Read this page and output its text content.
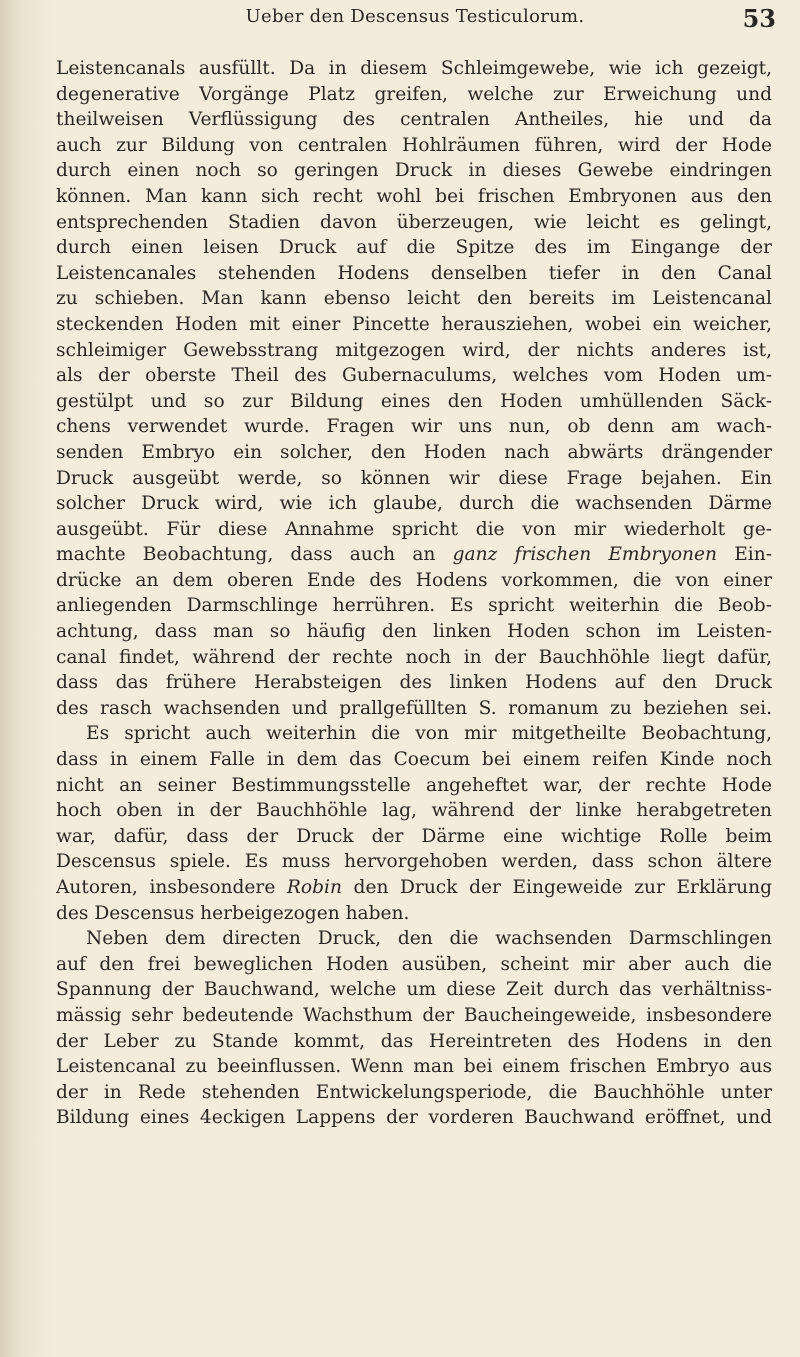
Ueber den Descensus Testiculorum.	53
Leistencanals ausfüllt. Da in diesem Schleimgewebe, wie ich gezeigt,
degenerative Vorgänge Platz greifen, welche zur Erweichung und
theilweisen Verflüssigung des centralen Antheiles, hie und da
auch zur Bildung von centralen Hohlräumen führen, wird der Hode
durch einen noch so geringen Druck in dieses Gewebe eindringen
können. Man kann sich recht wohl bei frischen Embryonen aus den
entsprechenden Stadien davon überzeugen, wie leicht es gelingt,
durch einen leisen Druck auf die Spitze des im Eingange der
Leistencanales stehenden Hodens denselben tiefer in den Canal
zu schieben. Man kann ebenso leicht den bereits im Leistencanal
steckenden Hoden mit einer Pincette herausziehen, wobei ein weicher,
schleimiger Gewebsstrang mitgezogen wird, der nichts anderes ist,
als der oberste Theil des Gubernaculums, welches vom Hoden um-
gestülpt und so zur Bildung eines den Hoden umhüllenden Säck-
chens verwendet wurde. Fragen wir uns nun, ob denn am wach-
senden Embryo ein solcher, den Hoden nach abwärts drängender
Druck ausgeübt werde, so können wir diese Frage bejahen. Ein
solcher Druck wird, wie ich glaube, durch die wachsenden Därme
ausgeübt. Für diese Annahme spricht die von mir wiederholt ge-
machte Beobachtung, dass auch an ganz frischen Embryonen Ein-
drücke an dem oberen Ende des Hodens vorkommen, die von einer
anliegenden Darmschlinge herrühren. Es spricht weiterhin die Beob-
achtung, dass man so häufig den linken Hoden schon im Leisten-
canal findet, während der rechte noch in der Bauchhöhle liegt dafür,
dass das frühere Herabsteigen des linken Hodens auf den Druck
des rasch wachsenden und prallgefüllten S. romanum zu beziehen sei.
Es spricht auch weiterhin die von mir mitgetheilte Beobachtung,
dass in einem Falle in dem das Coecum bei einem reifen Kinde noch
nicht an seiner Bestimmungsstelle angeheftet war, der rechte Hode
hoch oben in der Bauchhöhle lag, während der linke herabgetreten
war, dafür, dass der Druck der Därme eine wichtige Rolle beim
Descensus spiele. Es muss hervorgehoben werden, dass schon ältere
Autoren, insbesondere Robin den Druck der Eingeweide zur Erklärung
des Descensus herbeigezogen haben.
Neben dem directen Druck, den die wachsenden Darmschlingen
auf den frei beweglichen Hoden ausüben, scheint mir aber auch die
Spannung der Bauchwand, welche um diese Zeit durch das verhältniss-
mässig sehr bedeutende Wachsthum der Baucheingeweide, insbesondere
der Leber zu Stande kommt, das Hereintreten des Hodens in den
Leistencanal zu beeinflussen. Wenn man bei einem frischen Embryo aus
der in Rede stehenden Entwickelungsperiode, die Bauchhöhle unter
Bildung eines 4eckigen Lappens der vorderen Bauchwand eröffnet, und
